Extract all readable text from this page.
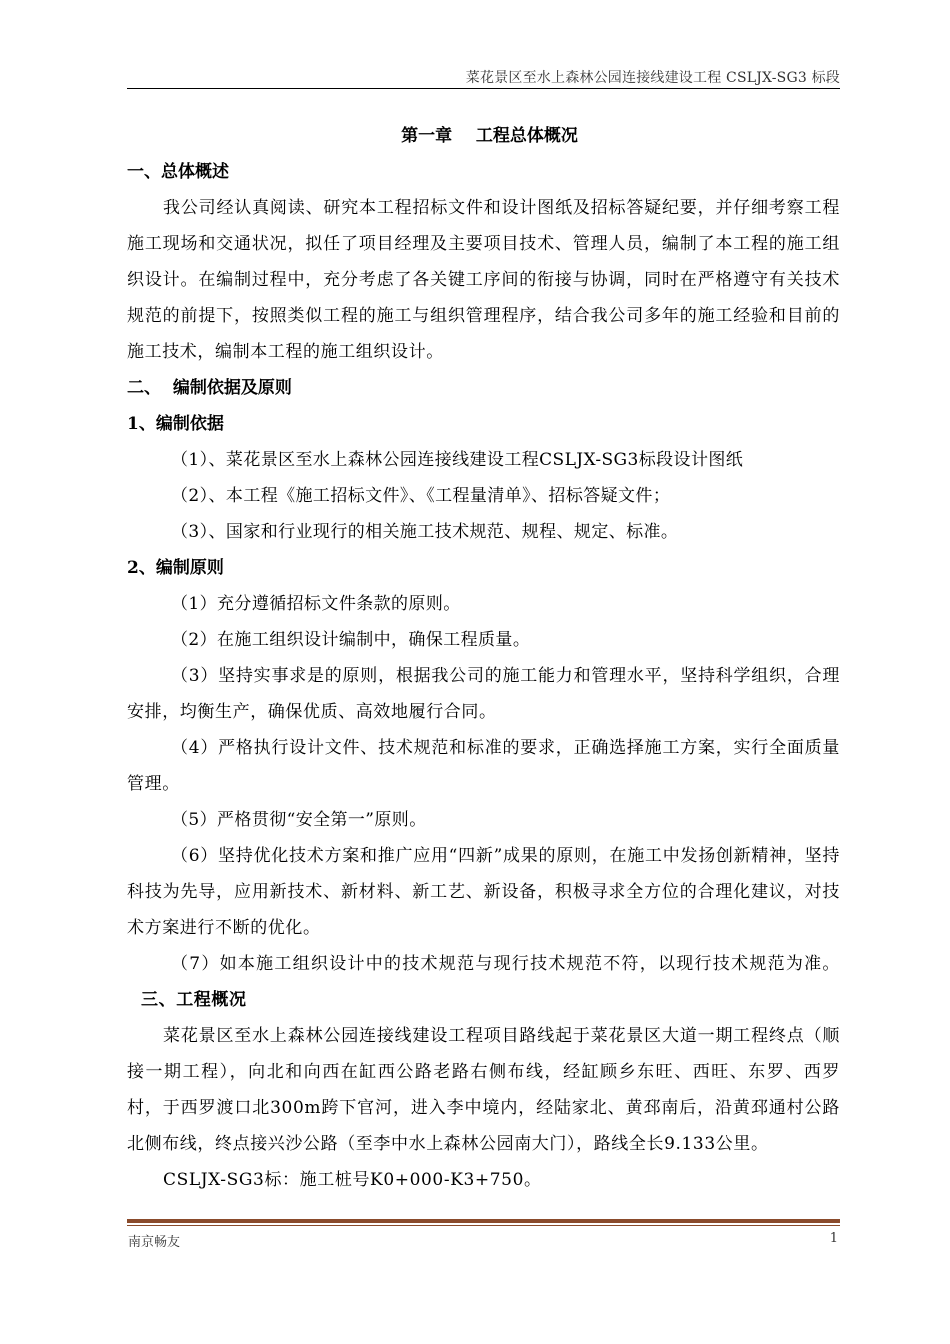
菜花景区至水上森林公园连接线建设工程 CSLJX-SG3 标段
第一章    工程总体概况
一、总体概述
我公司经认真阅读、研究本工程招标文件和设计图纸及招标答疑纪要，并仔细考察工程施工现场和交通状况，拟任了项目经理及主要项目技术、管理人员，编制了本工程的施工组织设计。在编制过程中，充分考虑了各关键工序间的衔接与协调，同时在严格遵守有关技术规范的前提下，按照类似工程的施工与组织管理程序，结合我公司多年的施工经验和目前的施工技术，编制本工程的施工组织设计。
二、  编制依据及原则
1、编制依据
（1）、菜花景区至水上森林公园连接线建设工程CSLJX-SG3标段设计图纸
（2）、本工程《施工招标文件》、《工程量清单》、招标答疑文件；
（3）、国家和行业现行的相关施工技术规范、规程、规定、标准。
2、编制原则
（1）充分遵循招标文件条款的原则。
（2）在施工组织设计编制中，确保工程质量。
（3）坚持实事求是的原则，根据我公司的施工能力和管理水平，坚持科学组织，合理安排，均衡生产，确保优质、高效地履行合同。
（4）严格执行设计文件、技术规范和标准的要求，正确选择施工方案，实行全面质量管理。
（5）严格贯彻“安全第一”原则。
（6）坚持优化技术方案和推广应用“四新”成果的原则，在施工中发扬创新精神，坚持科技为先导，应用新技术、新材料、新工艺、新设备，积极寻求全方位的合理化建议，对技术方案进行不断的优化。
（7）如本施工组织设计中的技术规范与现行技术规范不符，以现行技术规范为准。三、工程概况
菜花景区至水上森林公园连接线建设工程项目路线起于菜花景区大道一期工程终点（顺接一期工程），向北和向西在缸西公路老路右侧布线，经缸顾乡东旺、西旺、东罗、西罗村，于西罗渡口北300m跨下官河，进入李中境内，经陆家北、黄邳南后，沿黄邳通村公路北侧布线，终点接兴沙公路（至李中水上森林公园南大门），路线全长9.133公里。
CSLJX-SG3标：施工桩号K0+000-K3+750。
南京畅友	1
